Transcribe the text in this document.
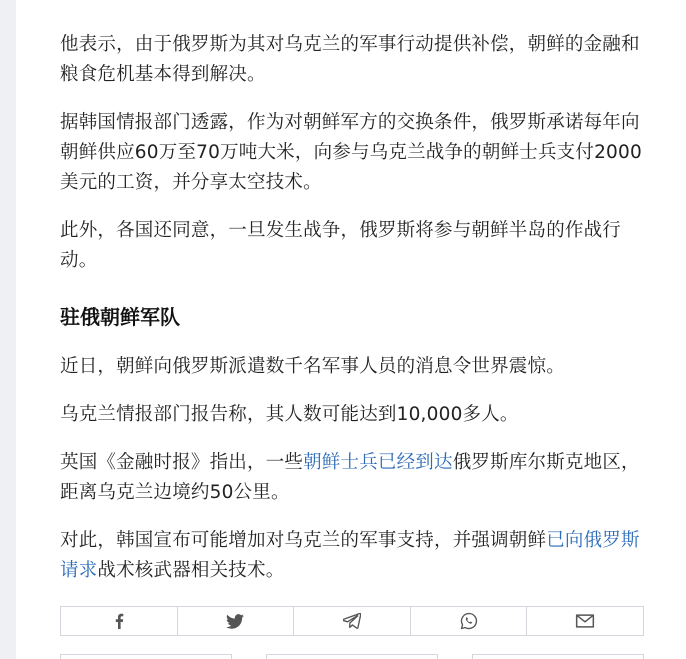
他表示，由于俄罗斯为其对乌克兰的军事行动提供补偿，朝鲜的金融和粮食危机基本得到解决。

据韩国情报部门透露，作为对朝鲜军方的交换条件，俄罗斯承诺每年向朝鲜供应60万至70万吨大米，向参与乌克兰战争的朝鲜士兵支付2000美元的工资，并分享太空技术。

此外，各国还同意，一旦发生战争，俄罗斯将参与朝鲜半岛的作战行动。

驻俄朝鲜军队

近日，朝鲜向俄罗斯派遣数千名军事人员的消息令世界震惊。

乌克兰情报部门报告称，其人数可能达到10,000多人。

英国《金融时报》指出，一些朝鲜士兵已经到达俄罗斯库尔斯克地区，距离乌克兰边境约50公里。

对此，韩国宣布可能增加对乌克兰的军事支持，并强调朝鲜已向俄罗斯请求战术核武器相关技术。
